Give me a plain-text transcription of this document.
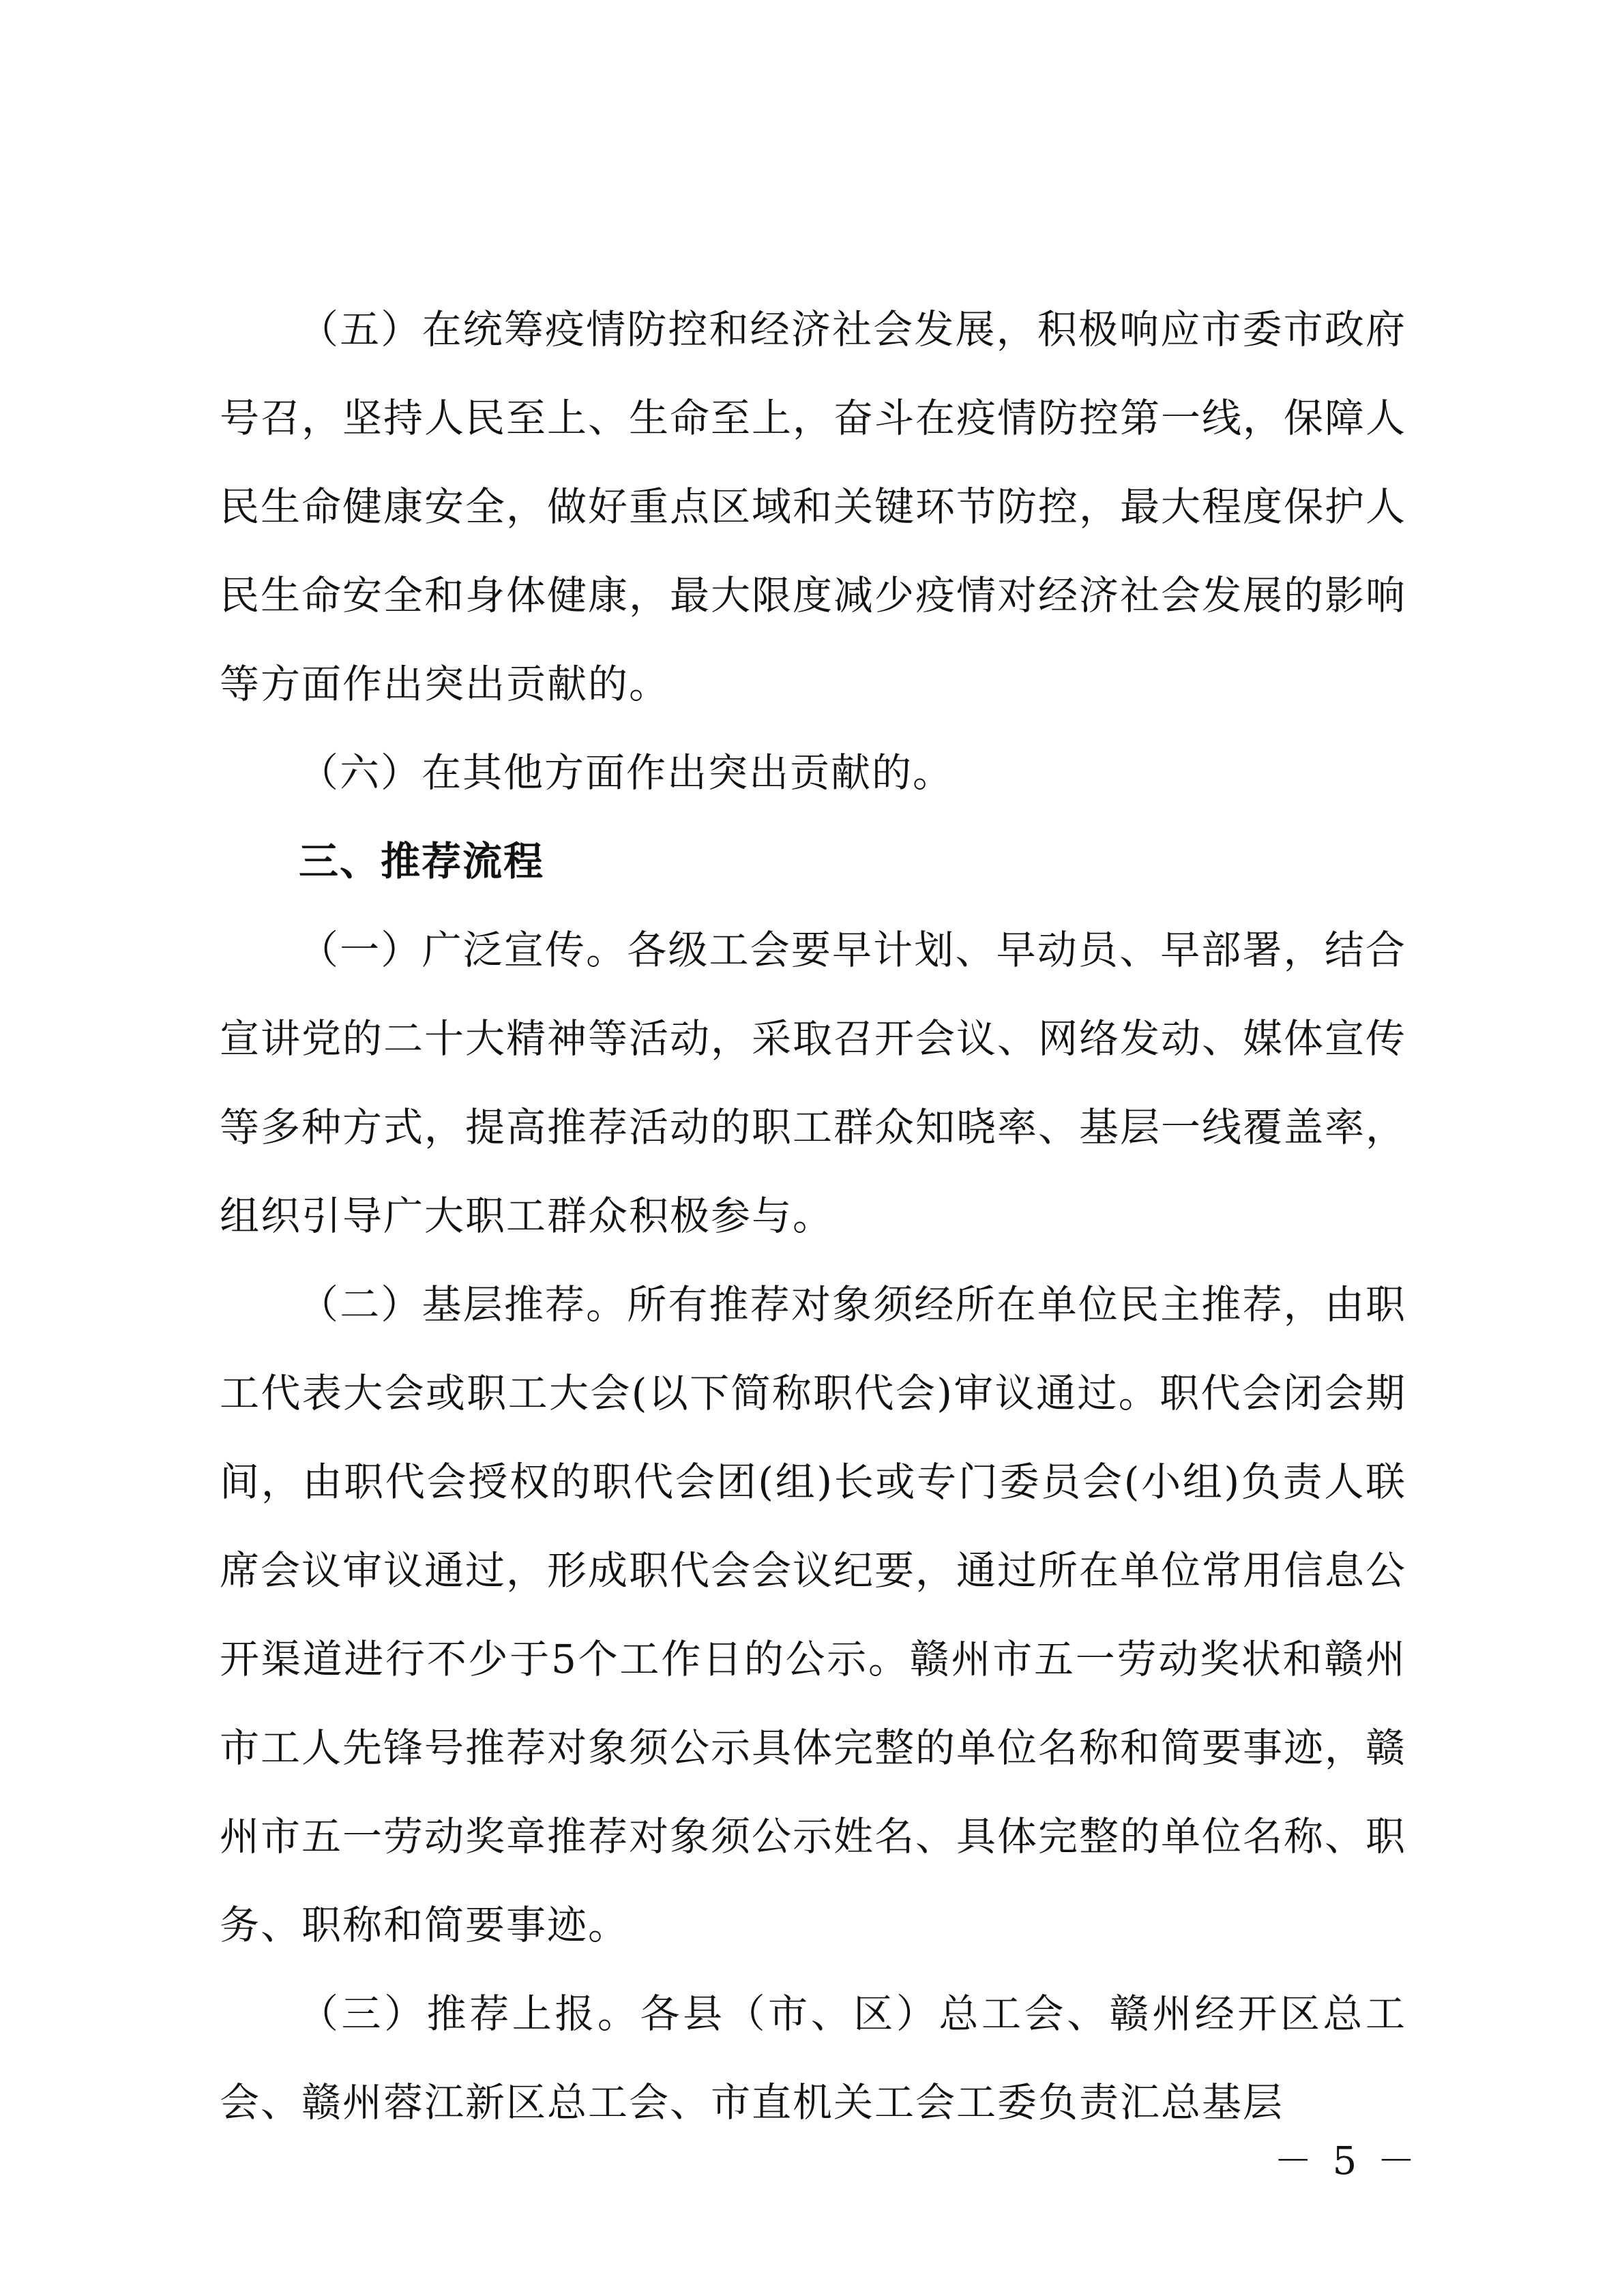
（五）在统筹疫情防控和经济社会发展，积极响应市委市政府号召，坚持人民至上、生命至上，奋斗在疫情防控第一线，保障人民生命健康安全，做好重点区域和关键环节防控，最大程度保护人民生命安全和身体健康，最大限度减少疫情对经济社会发展的影响等方面作出突出贡献的。

（六）在其他方面作出突出贡献的。

三、推荐流程

（一）广泛宣传。各级工会要早计划、早动员、早部署，结合宣讲党的二十大精神等活动，采取召开会议、网络发动、媒体宣传等多种方式，提高推荐活动的职工群众知晓率、基层一线覆盖率，组织引导广大职工群众积极参与。

（二）基层推荐。所有推荐对象须经所在单位民主推荐，由职工代表大会或职工大会(以下简称职代会)审议通过。职代会闭会期间，由职代会授权的职代会团(组)长或专门委员会(小组)负责人联席会议审议通过，形成职代会会议纪要，通过所在单位常用信息公开渠道进行不少于5个工作日的公示。赣州市五一劳动奖状和赣州市工人先锋号推荐对象须公示具体完整的单位名称和简要事迹，赣州市五一劳动奖章推荐对象须公示姓名、具体完整的单位名称、职务、职称和简要事迹。

（三）推荐上报。各县（市、区）总工会、赣州经开区总工会、赣州蓉江新区总工会、市直机关工会工委负责汇总基层

－ 5 －
